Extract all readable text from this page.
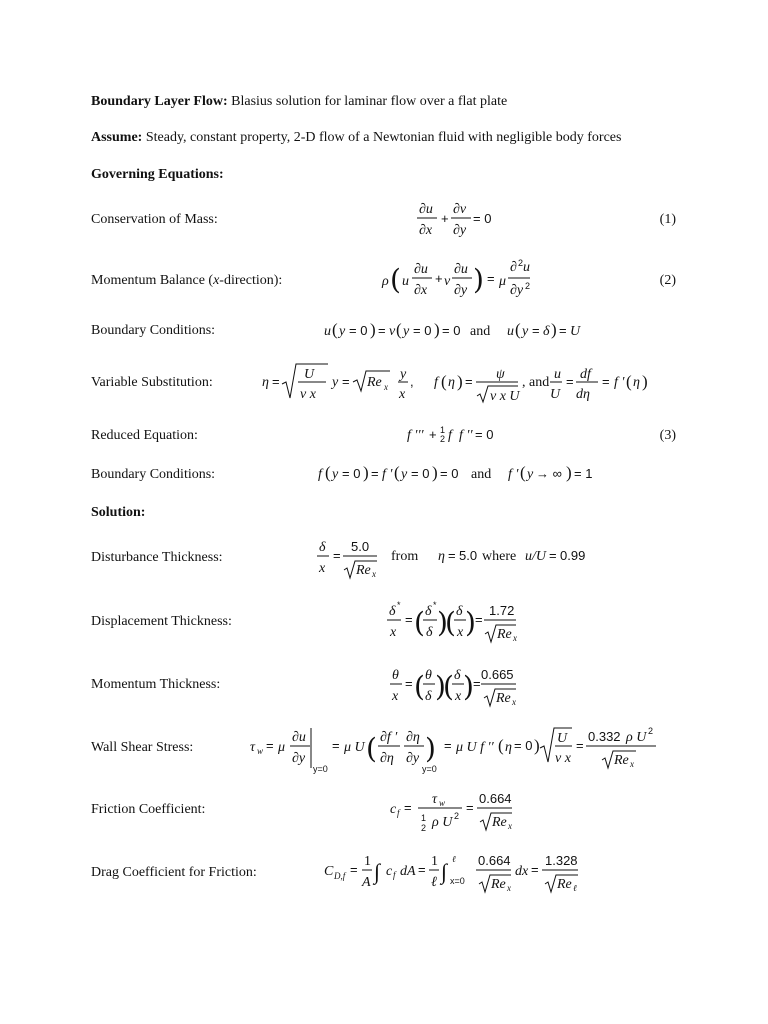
Boundary Layer Flow: Blasius solution for laminar flow over a flat plate
Assume: Steady, constant property, 2-D flow of a Newtonian fluid with negligible body forces
Governing Equations:
Conservation of Mass:
∂u
∂x
+
∂v
∂y
= 0	(1)
Momentum Balance (x-direction):	ρ ( u
∂u
∂x
+ v
∂u
∂y ) = μ
∂ 2 u
∂y 2	(2)
Boundary Conditions:	u ( y = 0 ) = v ( y = 0 ) = 0 and u ( y = δ ) = U
Variable Substitution:	η = U
ν x
y = Re x
y
x
, f ( η ) = ψ
ν x U
, and
u
U
= df
dη
= f ′ ( η )
Reduced Equation:	f ′′′ + 1
2 f f ′′ = 0	(3)
Boundary Conditions:	f ( y = 0 ) = f ′ ( y = 0 ) = 0 and f ′ ( y → ∞ ) = 1
Solution:
Disturbance Thickness:
δ
x
=
5.0
Re x
from η = 5.0 where u/U = 0.99
Displacement Thickness:
δ *
x
= ( δ *
δ )
( δ
x ) =
1.72
Re x
Momentum Thickness:
θ
x
= ( θ
δ )
( δ
x ) =
0.665
Re x
Wall Shear Stress:	τ w = μ
∂u
∂y
y=0
= μ U ( ∂f ′
∂η
∂η
∂y )
y=0
= μ U f ′′ ( η = 0 ) U
ν x
=
0.332 ρ U 2
Re x
Friction Coefficient:	c f =
τ w
1
2 ρ U 2
=
0.664
Re x
Drag Coefficient for Friction:	C D,f =
1
A ∫ c f dA =
1
ℓ ∫ ℓ
x=0
0.664
Re x
dx =
1.328
Re ℓ
